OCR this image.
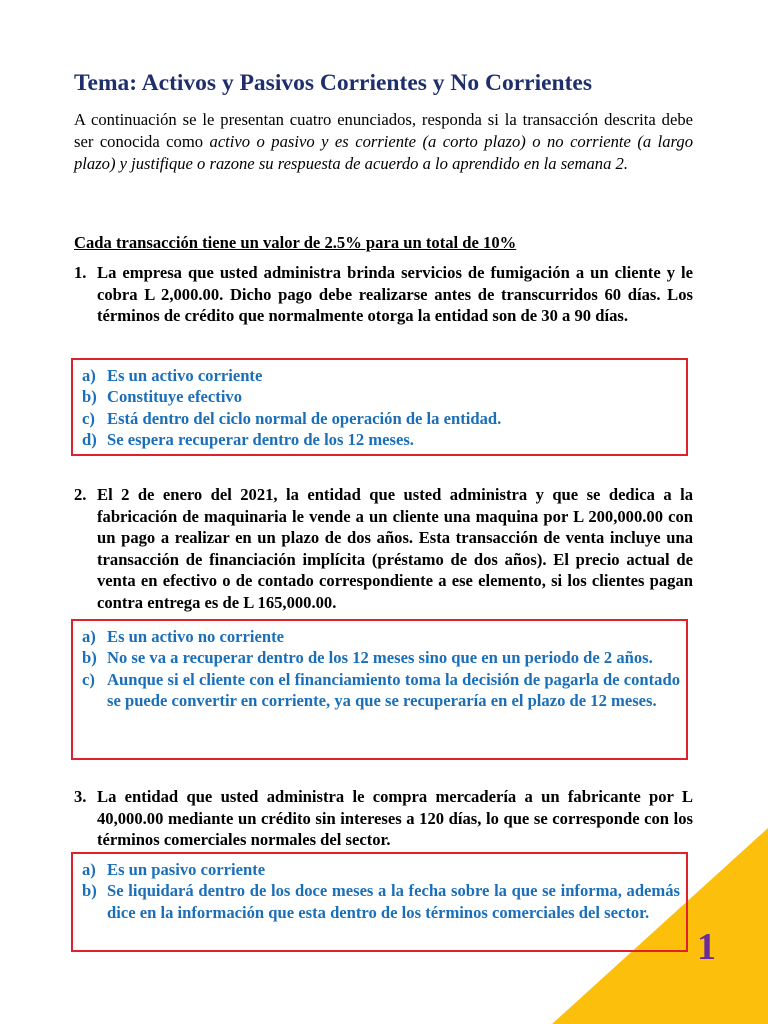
Tema: Activos y Pasivos Corrientes y No Corrientes
A continuación se le presentan cuatro enunciados, responda si la transacción descrita debe ser conocida como activo o pasivo y es corriente (a corto plazo) o no corriente (a largo plazo) y justifique o razone su respuesta de acuerdo a lo aprendido en la semana 2.
Cada transacción tiene un valor de 2.5% para un total de 10%
1. La empresa que usted administra brinda servicios de fumigación a un cliente y le cobra L 2,000.00. Dicho pago debe realizarse antes de transcurridos 60 días. Los términos de crédito que normalmente otorga la entidad son de 30 a 90 días.
a) Es un activo corriente
b) Constituye efectivo
c) Está dentro del ciclo normal de operación de la entidad.
d) Se espera recuperar dentro de los 12 meses.
2. El 2 de enero del 2021, la entidad que usted administra y que se dedica a la fabricación de maquinaria le vende a un cliente una maquina por L 200,000.00 con un pago a realizar en un plazo de dos años. Esta transacción de venta incluye una transacción de financiación implícita (préstamo de dos años). El precio actual de venta en efectivo o de contado correspondiente a ese elemento, si los clientes pagan contra entrega es de L 165,000.00.
a) Es un activo no corriente
b) No se va a recuperar dentro de los 12 meses sino que en un periodo de 2 años.
c) Aunque si el cliente con el financiamiento toma la decisión de pagarla de contado se puede convertir en corriente, ya que se recuperaría en el plazo de 12 meses.
3. La entidad que usted administra le compra mercadería a un fabricante por L 40,000.00 mediante un crédito sin intereses a 120 días, lo que se corresponde con los términos comerciales normales del sector.
a) Es un pasivo corriente
b) Se liquidará dentro de los doce meses a la fecha sobre la que se informa, además dice en la información que esta dentro de los términos comerciales del sector.
1
